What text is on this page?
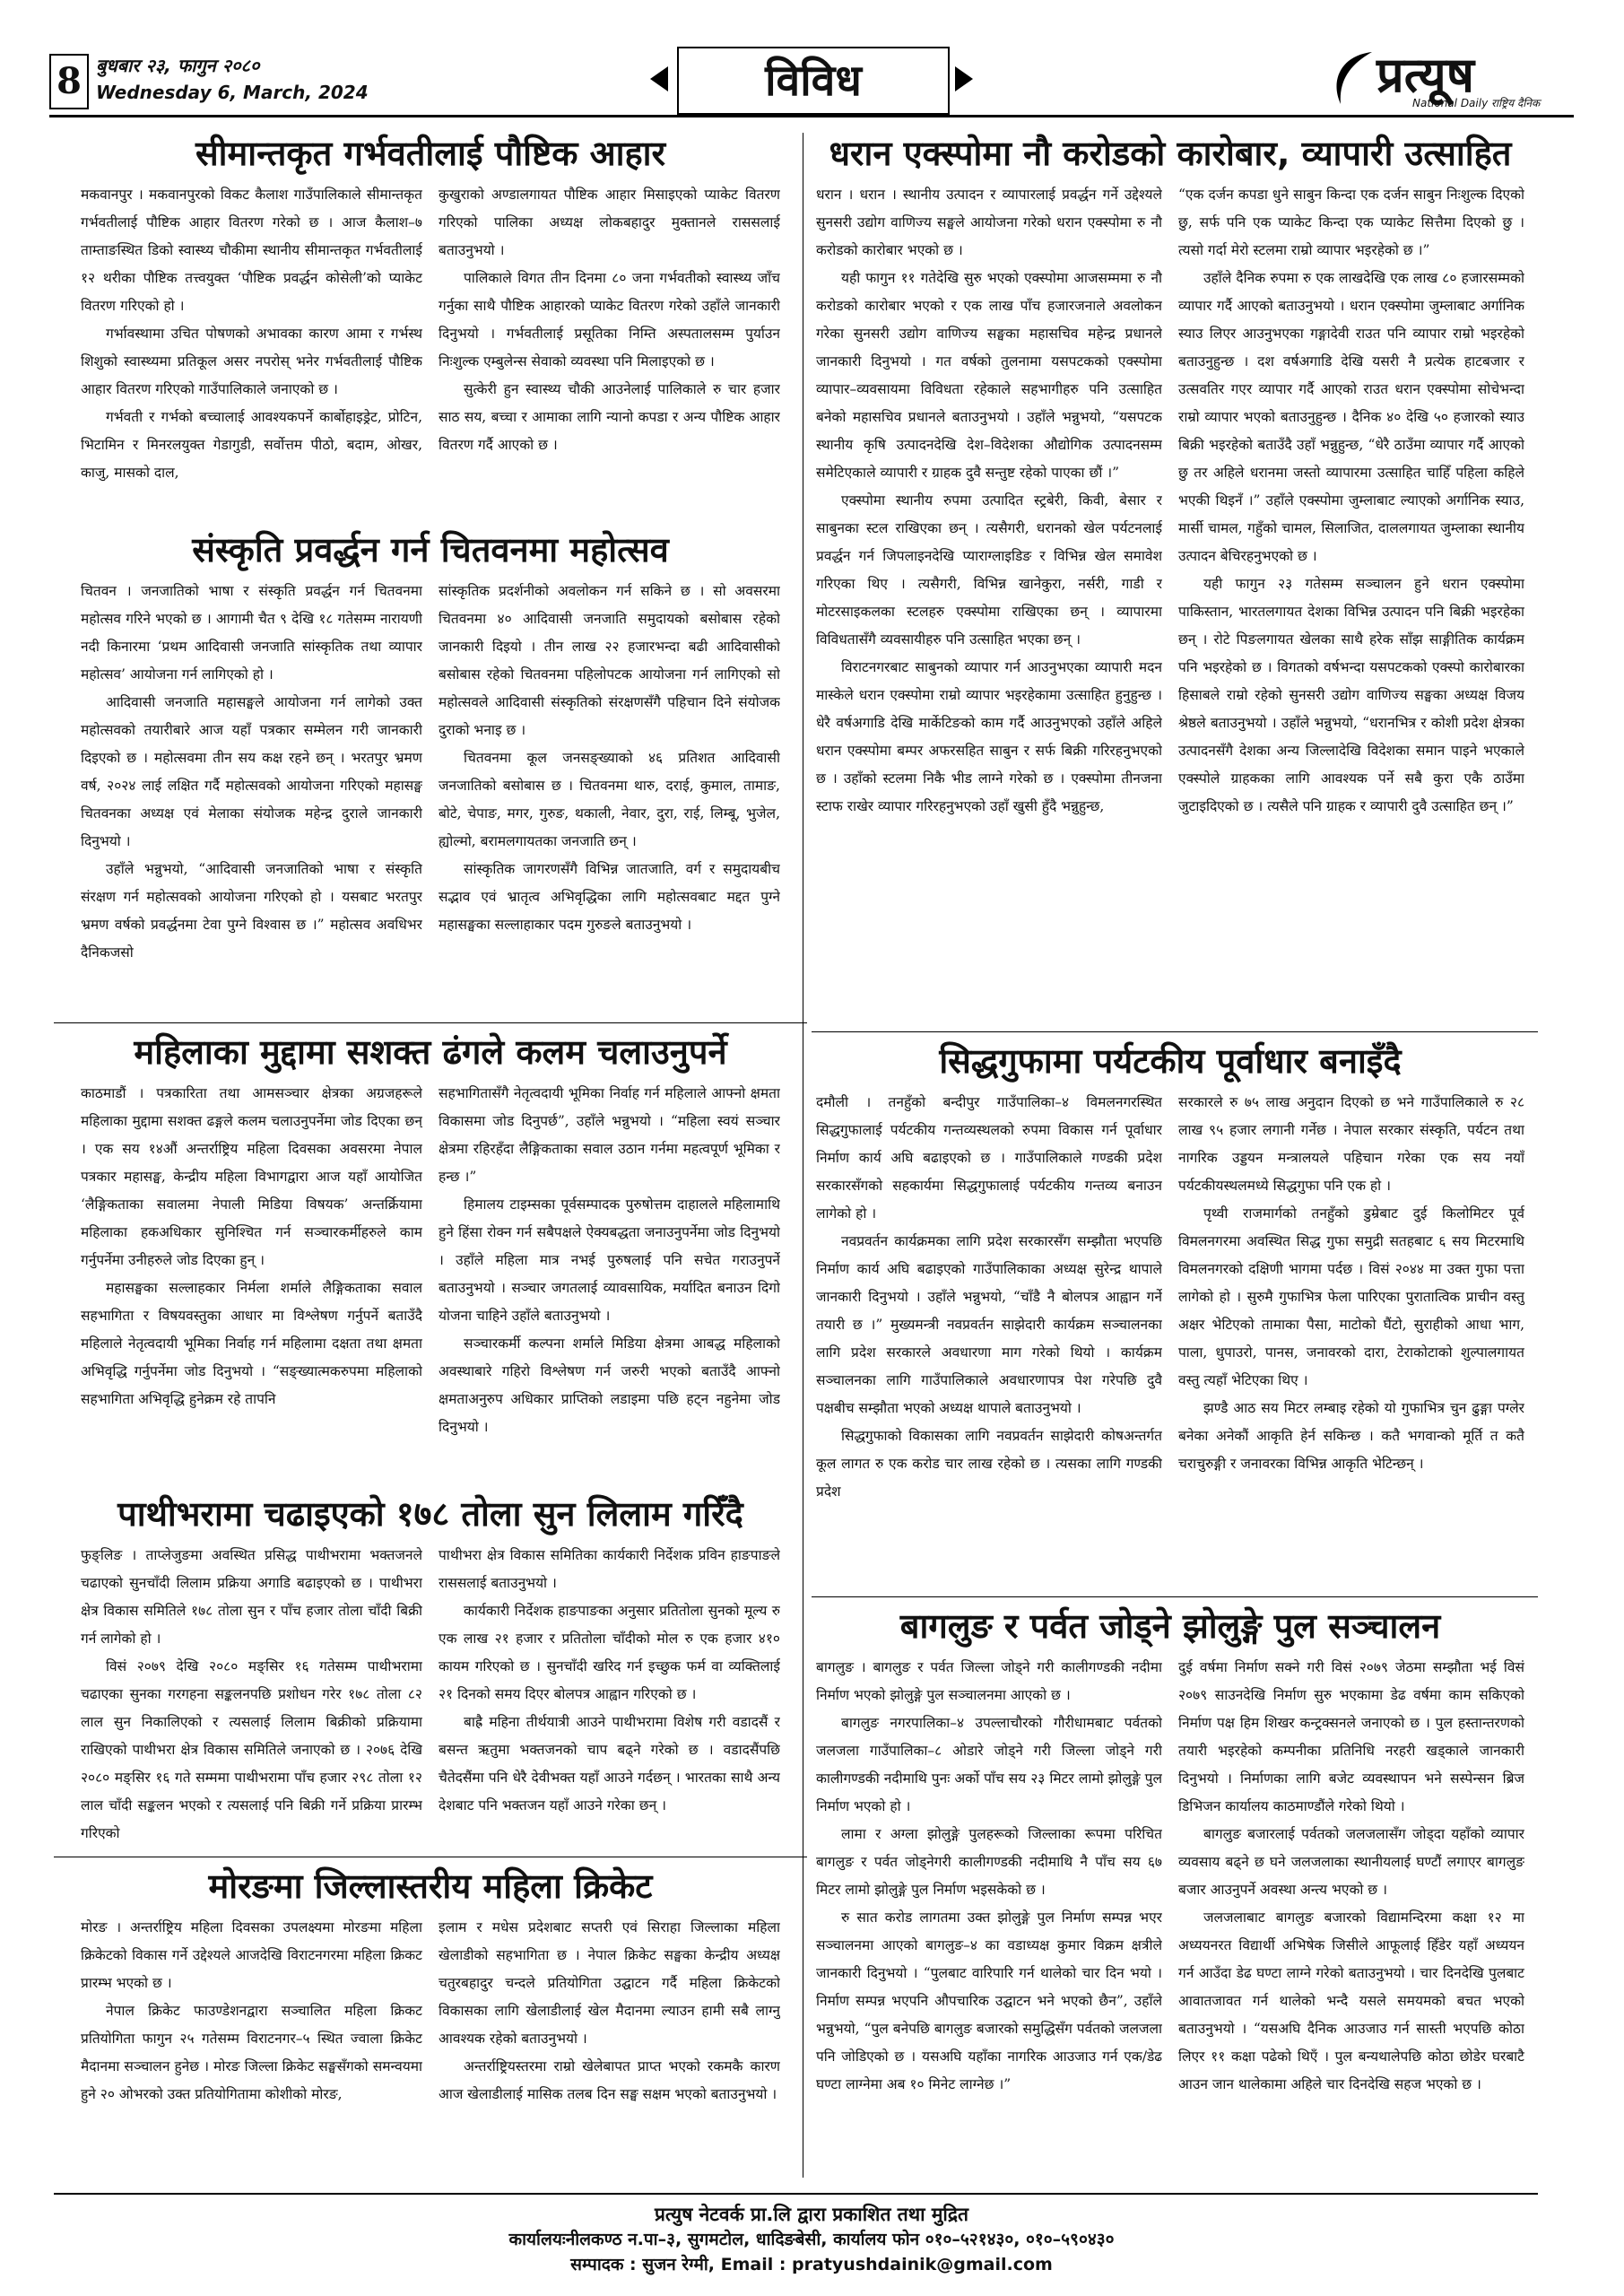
8 बुधबार २३, फागुन २०८०
Wednesday 6, March, 2024	विविध	प्रत्यूष
National Daily राष्ट्रिय दैनिक
सीमान्तकृत गर्भवतीलाई पौष्टिक आहार

मकवानपुर । मकवानपुरको विकट कैलाश गाउँपालिकाले सीमान्तकृत गर्भवतीलाई पौष्टिक आहार वितरण गरेको छ । आज कैलाश–७ ताम्ताङस्थित डिको स्वास्थ्य चौकीमा स्थानीय सीमान्तकृत गर्भवतीलाई १२ थरीका पौष्टिक तत्त्वयुक्त ‘पौष्टिक प्रवर्द्धन कोसेली’को प्याकेट वितरण गरिएको हो ।

गर्भावस्थामा उचित पोषणको अभावका कारण आमा र गर्भस्थ शिशुको स्वास्थ्यमा प्रतिकूल असर नपरोस् भनेर गर्भवतीलाई पौष्टिक आहार वितरण गरिएको गाउँपालिकाले जनाएको छ ।

गर्भवती र गर्भको बच्चालाई आवश्यकपर्ने कार्बोहाइड्रेट, प्रोटिन, भिटामिन र मिनरलयुक्त गेडागुडी, सर्वोत्तम पीठो, बदाम, ओखर, काजु, मासको दाल,

कुखुराको अण्डालगायत पौष्टिक आहार मिसाइएको प्याकेट वितरण गरिएको पालिका अध्यक्ष लोकबहादुर मुक्तानले राससलाई बताउनुभयो ।

पालिकाले विगत तीन दिनमा ८० जना गर्भवतीको स्वास्थ्य जाँच गर्नुका साथै पौष्टिक आहारको प्याकेट वितरण गरेको उहाँले जानकारी दिनुभयो । गर्भवतीलाई प्रसूतिका निम्ति अस्पतालसम्म पुर्याउन निःशुल्क एम्बुलेन्स सेवाको व्यवस्था पनि मिलाइएको छ ।

सुत्केरी हुन स्वास्थ्य चौकी आउनेलाई पालिकाले रु चार हजार साठ सय, बच्चा र आमाका लागि न्यानो कपडा र अन्य पौष्टिक आहार वितरण गर्दै आएको छ ।

संस्कृति प्रवर्द्धन गर्न चितवनमा महोत्सव

चितवन । जनजातिको भाषा र संस्कृति प्रवर्द्धन गर्न चितवनमा महोत्सव गरिने भएको छ । आगामी चैत ९ देखि १८ गतेसम्म नारायणी नदी किनारमा ‘प्रथम आदिवासी जनजाति सांस्कृतिक तथा व्यापार महोत्सव’ आयोजना गर्न लागिएको हो ।

आदिवासी जनजाति महासङ्घले आयोजना गर्न लागेको उक्त महोत्सवको तयारीबारे आज यहाँ पत्रकार सम्मेलन गरी जानकारी दिइएको छ । महोत्सवमा तीन सय कक्ष रहने छन् । भरतपुर भ्रमण वर्ष, २०२४ लाई लक्षित गर्दै महोत्सवको आयोजना गरिएको महासङ्घ चितवनका अध्यक्ष एवं मेलाका संयोजक महेन्द्र दुराले जानकारी दिनुभयो ।

उहाँले भन्नुभयो, “आदिवासी जनजातिको भाषा र संस्कृति संरक्षण गर्न महोत्सवको आयोजना गरिएको हो । यसबाट भरतपुर भ्रमण वर्षको प्रवर्द्धनमा टेवा पुग्ने विश्वास छ ।” महोत्सव अवधिभर दैनिकजसो

सांस्कृतिक प्रदर्शनीको अवलोकन गर्न सकिने छ । सो अवसरमा चितवनमा ४० आदिवासी जनजाति समुदायको बसोबास रहेको जानकारी दिइयो । तीन लाख २२ हजारभन्दा बढी आदिवासीको बसोबास रहेको चितवनमा पहिलोपटक आयोजना गर्न लागिएको सो महोत्सवले आदिवासी संस्कृतिको संरक्षणसँगै पहिचान दिने संयोजक दुराको भनाइ छ ।

चितवनमा कूल जनसङ्ख्याको ४६ प्रतिशत आदिवासी जनजातिको बसोबास छ । चितवनमा थारु, दराई, कुमाल, तामाङ, बोटे, चेपाङ, मगर, गुरुङ, थकाली, नेवार, दुरा, राई, लिम्बू, भुजेल, ह्योल्मो, बरामलगायतका जनजाति छन् ।

सांस्कृतिक जागरणसँगै विभिन्न जातजाति, वर्ग र समुदायबीच सद्भाव एवं भ्रातृत्व अभिवृद्धिका लागि महोत्सवबाट मद्दत पुग्ने महासङ्घका सल्लाहाकार पदम गुरुङले बताउनुभयो ।

महिलाका मुद्दामा सशक्त ढंगले कलम चलाउनुपर्ने

काठमाडौं । पत्रकारिता तथा आमसञ्चार क्षेत्रका अग्रजहरूले महिलाका मुद्दामा सशक्त ढङ्गले कलम चलाउनुपर्नेमा जोड दिएका छन् । एक सय १४औं अन्तर्राष्ट्रिय महिला दिवसका अवसरमा नेपाल पत्रकार महासङ्घ, केन्द्रीय महिला विभागद्वारा आज यहाँ आयोजित ‘लैङ्गिकताका सवालमा नेपाली मिडिया विषयक’ अन्तर्क्रियामा महिलाका हकअधिकार सुनिश्चित गर्न सञ्चारकर्मीहरुले काम गर्नुपर्नेमा उनीहरुले जोड दिएका हुन् ।

महासङ्घका सल्लाहकार निर्मला शर्माले लैङ्गिकताका सवाल सहभागिता र विषयवस्तुका आधार मा विश्लेषण गर्नुपर्ने बताउँदै महिलाले नेतृत्वदायी भूमिका निर्वाह गर्न महिलामा दक्षता तथा क्षमता अभिवृद्धि गर्नुपर्नेमा जोड दिनुभयो । “सङ्ख्यात्मकरुपमा महिलाको सहभागिता अभिवृद्धि हुनेक्रम रहे तापनि

सहभागितासँगै नेतृत्वदायी भूमिका निर्वाह गर्न महिलाले आफ्नो क्षमता विकासमा जोड दिनुपर्छ”, उहाँले भन्नुभयो । “महिला स्वयं सञ्चार क्षेत्रमा रहिरहँदा लैङ्गिकताका सवाल उठान गर्नमा महत्वपूर्ण भूमिका र हन्छ ।”

हिमालय टाइम्सका पूर्वसम्पादक पुरुषोत्तम दाहालले महिलामाथि हुने हिंसा रोक्न गर्न सबैपक्षले ऐक्यबद्धता जनाउनुपर्नेमा जोड दिनुभयो । उहाँले महिला मात्र नभई पुरुषलाई पनि सचेत गराउनुपर्ने बताउनुभयो । सञ्चार जगतलाई व्यावसायिक, मर्यादित बनाउन दिगो योजना चाहिने उहाँले बताउनुभयो ।

सञ्चारकर्मी कल्पना शर्माले मिडिया क्षेत्रमा आबद्ध महिलाको अवस्थाबारे गहिरो विश्लेषण गर्न जरुरी भएको बताउँदै आफ्नो क्षमताअनुरुप अधिकार प्राप्तिको लडाइमा पछि हट्न नहुनेमा जोड दिनुभयो ।

पाथीभरामा चढाइएको १७८ तोला सुन लिलाम गरिँदै

फुङ्लिङ । ताप्लेजुङमा अवस्थित प्रसिद्ध पाथीभरामा भक्तजनले चढाएको सुनचाँदी लिलाम प्रक्रिया अगाडि बढाइएको छ । पाथीभरा क्षेत्र विकास समितिले १७८ तोला सुन र पाँच हजार तोला चाँदी बिक्री गर्न लागेको हो ।

विसं २०७९ देखि २०८० मङ्सिर १६ गतेसम्म पाथीभरामा चढाएका सुनका गरगहना सङ्कलनपछि प्रशोधन गरेर १७८ तोला ८२ लाल सुन निकालिएको र त्यसलाई लिलाम बिक्रीको प्रक्रियामा राखिएको पाथीभरा क्षेत्र विकास समितिले जनाएको छ । २०७६ देखि २०८० मङ्सिर १६ गते सम्ममा पाथीभरामा पाँच हजार २९८ तोला १२ लाल चाँदी सङ्कलन भएको र त्यसलाई पनि बिक्री गर्ने प्रक्रिया प्रारम्भ गरिएको

पाथीभरा क्षेत्र विकास समितिका कार्यकारी निर्देशक प्रविन हाङपाङले राससलाई बताउनुभयो ।

कार्यकारी निर्देशक हाङपाङका अनुसार प्रतितोला सुनको मूल्य रु एक लाख २१ हजार र प्रतितोला चाँदीको मोल रु एक हजार ४१० कायम गरिएको छ । सुनचाँदी खरिद गर्न इच्छुक फर्म वा व्यक्तिलाई २१ दिनको समय दिएर बोलपत्र आह्वान गरिएको छ ।

बाह्रै महिना तीर्थयात्री आउने पाथीभरामा विशेष गरी वडादसैं र बसन्त ऋतुमा भक्तजनको चाप बढ्ने गरेको छ । वडादसैंपछि चैतेदसैंमा पनि धेरै देवीभक्त यहाँ आउने गर्दछन् । भारतका साथै अन्य देशबाट पनि भक्तजन यहाँ आउने गरेका छन् ।

मोरङमा जिल्लास्तरीय महिला क्रिकेट

मोरङ । अन्तर्राष्ट्रिय महिला दिवसका उपलक्ष्यमा मोरङमा महिला क्रिकेटको विकास गर्ने उद्देश्यले आजदेखि विराटनगरमा महिला क्रिकट प्रारम्भ भएको छ ।

नेपाल क्रिकेट फाउण्डेशनद्वारा सञ्चालित महिला क्रिकट प्रतियोगिता फागुन २५ गतेसम्म विराटनगर–५ स्थित ज्वाला क्रिकेट मैदानमा सञ्चालन हुनेछ । मोरङ जिल्ला क्रिकेट सङ्घसँगको समन्वयमा हुने २० ओभरको उक्त प्रतियोगितामा कोशीको मोरङ,

इलाम र मधेस प्रदेशबाट सप्तरी एवं सिराहा जिल्लाका महिला खेलाडीको सहभागिता छ । नेपाल क्रिकेट सङ्घका केन्द्रीय अध्यक्ष चतुरबहादुर चन्दले प्रतियोगिता उद्घाटन गर्दै महिला क्रिकेटको विकासका लागि खेलाडीलाई खेल मैदानमा ल्याउन हामी सबै लाग्नु आवश्यक रहेको बताउनुभयो ।

अन्तर्राष्ट्रियस्तरमा राम्रो खेलेबापत प्राप्त भएको रकमकै कारण आज खेलाडीलाई मासिक तलब दिन सङ्घ सक्षम भएको बताउनुभयो ।

धरान एक्स्पोमा नौ करोडको कारोबार, व्यापारी उत्साहित

धरान । धरान । स्थानीय उत्पादन र व्यापारलाई प्रवर्द्धन गर्ने उद्देश्यले सुनसरी उद्योग वाणिज्य सङ्घले आयोजना गरेको धरान एक्स्पोमा रु नौ करोडको कारोबार भएको छ ।

यही फागुन ११ गतेदेखि सुरु भएको एक्स्पोमा आजसम्ममा रु नौ करोडको कारोबार भएको र एक लाख पाँच हजारजनाले अवलोकन गरेका सुनसरी उद्योग वाणिज्य सङ्घका महासचिव महेन्द्र प्रधानले जानकारी दिनुभयो । गत वर्षको तुलनामा यसपटकको एक्स्पोमा व्यापार–व्यवसायमा विविधता रहेकाले सहभागीहरु पनि उत्साहित बनेको महासचिव प्रधानले बताउनुभयो । उहाँले भन्नुभयो, “यसपटक स्थानीय कृषि उत्पादनदेखि देश–विदेशका औद्योगिक उत्पादनसम्म समेटिएकाले व्यापारी र ग्राहक दुवै सन्तुष्ट रहेको पाएका छौं ।”

एक्स्पोमा स्थानीय रुपमा उत्पादित स्ट्रबेरी, किवी, बेसार र साबुनका स्टल राखिएका छन् । त्यसैगरी, धरानको खेल पर्यटनलाई प्रवर्द्धन गर्न जिपलाइनदेखि प्याराग्लाइडिङ र विभिन्न खेल समावेश गरिएका थिए । त्यसैगरी, विभिन्न खानेकुरा, नर्सरी, गाडी र मोटरसाइकलका स्टलहरु एक्स्पोमा राखिएका छन् । व्यापारमा विविधतासँगै व्यवसायीहरु पनि उत्साहित भएका छन् ।

विराटनगरबाट साबुनको व्यापार गर्न आउनुभएका व्यापारी मदन मास्केले धरान एक्स्पोमा राम्रो व्यापार भइरहेकामा उत्साहित हुनुहुन्छ । धेरै वर्षअगाडि देखि मार्केटिङको काम गर्दै आउनुभएको उहाँले अहिले धरान एक्स्पोमा बम्पर अफरसहित साबुन र सर्फ बिक्री गरिरहनुभएको छ । उहाँको स्टलमा निकै भीड लाग्ने गरेको छ । एक्स्पोमा तीनजना स्टाफ राखेर व्यापार गरिरहनुभएको उहाँ खुसी हुँदै भन्नुहुन्छ,

“एक दर्जन कपडा धुने साबुन किन्दा एक दर्जन साबुन निःशुल्क दिएको छु, सर्फ पनि एक प्याकेट किन्दा एक प्याकेट सित्तैमा दिएको छु । त्यसो गर्दा मेरो स्टलमा राम्रो व्यापार भइरहेको छ ।”

उहाँले दैनिक रुपमा रु एक लाखदेखि एक लाख ८० हजारसम्मको व्यापार गर्दै आएको बताउनुभयो । धरान एक्स्पोमा जुम्लाबाट अर्गानिक स्याउ लिएर आउनुभएका गङ्गादेवी राउत पनि व्यापार राम्रो भइरहेको बताउनुहुन्छ । दश वर्षअगाडि देखि यसरी नै प्रत्येक हाटबजार र उत्सवतिर गएर व्यापार गर्दै आएको राउत धरान एक्स्पोमा सोचेभन्दा राम्रो व्यापार भएको बताउनुहुन्छ । दैनिक ४० देखि ५० हजारको स्याउ बिक्री भइरहेको बताउँदै उहाँ भन्नुहुन्छ, “धेरै ठाउँमा व्यापार गर्दै आएको छु तर अहिले धरानमा जस्तो व्यापारमा उत्साहित चाहिँ पहिला कहिले भएकी थिइनँ ।” उहाँले एक्स्पोमा जुम्लाबाट ल्याएको अर्गानिक स्याउ, मार्सी चामल, गहुँको चामल, सिलाजित, दाललगायत जुम्लाका स्थानीय उत्पादन बेचिरहनुभएको छ ।

यही फागुन २३ गतेसम्म सञ्चालन हुने धरान एक्स्पोमा पाकिस्तान, भारतलगायत देशका विभिन्न उत्पादन पनि बिक्री भइरहेका छन् । रोटे पिङलगायत खेलका साथै हरेक साँझ साङ्गीतिक कार्यक्रम पनि भइरहेको छ । विगतको वर्षभन्दा यसपटकको एक्स्पो कारोबारका हिसाबले राम्रो रहेको सुनसरी उद्योग वाणिज्य सङ्घका अध्यक्ष विजय श्रेष्ठले बताउनुभयो । उहाँले भन्नुभयो, “धरानभित्र र कोशी प्रदेश क्षेत्रका उत्पादनसँगै देशका अन्य जिल्लादेखि विदेशका समान पाइने भएकाले एक्स्पोले ग्राहकका लागि आवश्यक पर्ने सबै कुरा एकै ठाउँमा जुटाइदिएको छ । त्यसैले पनि ग्राहक र व्यापारी दुवै उत्साहित छन् ।”

सिद्धगुफामा पर्यटकीय पूर्वाधार बनाइँदै

दमौली । तनहुँको बन्दीपुर गाउँपालिका–४ विमलनगरस्थित सिद्धगुफालाई पर्यटकीय गन्तव्यस्थलको रुपमा विकास गर्न पूर्वाधार निर्माण कार्य अघि बढाइएको छ । गाउँपालिकाले गण्डकी प्रदेश सरकारसँगको सहकार्यमा सिद्धगुफालाई पर्यटकीय गन्तव्य बनाउन लागेको हो ।

नवप्रवर्तन कार्यक्रमका लागि प्रदेश सरकारसँग सम्झौता भएपछि निर्माण कार्य अघि बढाइएको गाउँपालिकाका अध्यक्ष सुरेन्द्र थापाले जानकारी दिनुभयो । उहाँले भन्नुभयो, “चाँडै नै बोलपत्र आह्वान गर्ने तयारी छ ।” मुख्यमन्त्री नवप्रवर्तन साझेदारी कार्यक्रम सञ्चालनका लागि प्रदेश सरकारले अवधारणा माग गरेको थियो । कार्यक्रम सञ्चालनका लागि गाउँपालिकाले अवधारणापत्र पेश गरेपछि दुवै पक्षबीच सम्झौता भएको अध्यक्ष थापाले बताउनुभयो ।

सिद्धगुफाको विकासका लागि नवप्रवर्तन साझेदारी कोषअन्तर्गत कूल लागत रु एक करोड चार लाख रहेको छ । त्यसका लागि गण्डकी प्रदेश

सरकारले रु ७५ लाख अनुदान दिएको छ भने गाउँपालिकाले रु २८ लाख ९५ हजार लगानी गर्नेछ । नेपाल सरकार संस्कृति, पर्यटन तथा नागरिक उड्डयन मन्त्रालयले पहिचान गरेका एक सय नयाँ पर्यटकीयस्थलमध्ये सिद्धगुफा पनि एक हो ।

पृथ्वी राजमार्गको तनहुँको डुम्रेबाट दुई किलोमिटर पूर्व विमलनगरमा अवस्थित सिद्ध गुफा समुद्री सतहबाट ६ सय मिटरमाथि विमलनगरको दक्षिणी भागमा पर्दछ । विसं २०४४ मा उक्त गुफा पत्ता लागेको हो । सुरुमै गुफाभित्र फेला पारिएका पुरातात्विक प्राचीन वस्तु अक्षर भेटिएको तामाका पैसा, माटोको घैंटो, सुराहीको आधा भाग, पाला, धुपाउरो, पानस, जनावरको दारा, टेराकोटाको शुल्पालगायत वस्तु त्यहाँ भेटिएका थिए ।

झण्डै आठ सय मिटर लम्बाइ रहेको यो गुफाभित्र चुन ढुङ्गा पग्लेर बनेका अनेकौं आकृति हेर्न सकिन्छ । कतै भगवान्को मूर्ति त कतै चराचुरुङ्गी र जनावरका विभिन्न आकृति भेटिन्छन् ।

बागलुङ र पर्वत जोड्ने झोलुङ्गे पुल सञ्चालन

बागलुङ । बागलुङ र पर्वत जिल्ला जोड्ने गरी कालीगण्डकी नदीमा निर्माण भएको झोलुङ्गे पुल सञ्चालनमा आएको छ ।

बागलुङ नगरपालिका–४ उपल्लाचौरको गौरीधामबाट पर्वतको जलजला गाउँपालिका–८ ओडारे जोड्ने गरी जिल्ला जोड्ने गरी कालीगण्डकी नदीमाथि पुनः अर्को पाँच सय २३ मिटर लामो झोलुङ्गे पुल निर्माण भएको हो ।

लामा र अग्ला झोलुङ्गे पुलहरूको जिल्लाका रूपमा परिचित बागलुङ र पर्वत जोड्नेगरी कालीगण्डकी नदीमाथि नै पाँच सय ६७ मिटर लामो झोलुङ्गे पुल निर्माण भइसकेको छ ।

रु सात करोड लागतमा उक्त झोलुङ्गे पुल निर्माण सम्पन्न भएर सञ्चालनमा आएको बागलुङ–४ का वडाध्यक्ष कुमार विक्रम क्षत्रीले जानकारी दिनुभयो । “पुलबाट वारिपारि गर्न थालेको चार दिन भयो । निर्माण सम्पन्न भएपनि औपचारिक उद्घाटन भने भएको छैन”, उहाँले भन्नुभयो, “पुल बनेपछि बागलुङ बजारको समुद्धिसँग पर्वतको जलजला पनि जोडिएको छ । यसअघि यहाँका नागरिक आउजाउ गर्न एक/डेढ घण्टा लाग्नेमा अब १० मिनेट लाग्नेछ ।”

दुई वर्षमा निर्माण सक्ने गरी विसं २०७९ जेठमा सम्झौता भई विसं २०७९ साउनदेखि निर्माण सुरु भएकामा डेढ वर्षमा काम सकिएको निर्माण पक्ष हिम शिखर कन्ट्रक्सनले जनाएको छ । पुल हस्तान्तरणको तयारी भइरहेको कम्पनीका प्रतिनिधि नरहरी खड्काले जानकारी दिनुभयो । निर्माणका लागि बजेट व्यवस्थापन भने सस्पेन्सन ब्रिज डिभिजन कार्यालय काठमाण्डौंले गरेको थियो ।

बागलुङ बजारलाई पर्वतको जलजलासँग जोड्दा यहाँको व्यापार व्यवसाय बढ्ने छ घने जलजलाका स्थानीयलाई घण्टौं लगाएर बागलुङ बजार आउनुपर्ने अवस्था अन्त्य भएको छ ।

जलजलाबाट बागलुङ बजारको विद्यामन्दिरमा कक्षा १२ मा अध्ययनरत विद्यार्थी अभिषेक जिसीले आफूलाई हिँडेर यहाँ अध्ययन गर्न आउँदा डेढ घण्टा लाग्ने गरेको बताउनुभयो । चार दिनदेखि पुलबाट आवातजावत गर्न थालेको भन्दै यसले समयमको बचत भएको बताउनुभयो । “यसअघि दैनिक आउजाउ गर्न सास्ती भएपछि कोठा लिएर ११ कक्षा पढेको थिएँ । पुल बन्यथालेपछि कोठा छोडेर घरबाटै आउन जान थालेकामा अहिले चार दिनदेखि सहज भएको छ ।

प्रत्युष नेटवर्क प्रा.लि द्वारा प्रकाशित तथा मुद्रित
कार्यालयःनीलकण्ठ न.पा–३, सुगमटोल, धादिङबेसी, कार्यालय फोन ०१०–५२१४३०, ०१०–५९०४३०
सम्पादक : सुजन रेग्मी, Email : pratyushdainik@gmail.com
